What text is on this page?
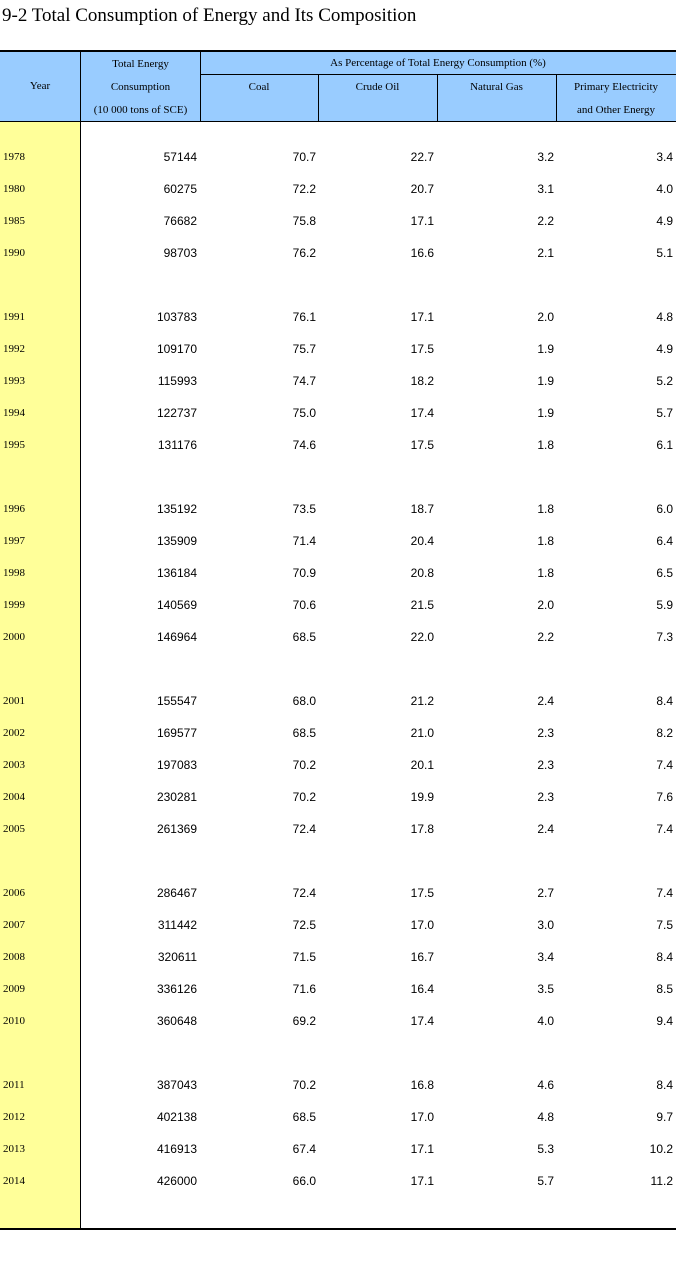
9-2 Total Consumption of Energy and Its Composition
Year
Total Energy
Consumption
(10 000 tons of SCE)
As Percentage of Total Energy Consumption (%)
Coal	Crude Oil	Natural Gas	Primary Electricity
and Other Energy
1978	57144	70.7	22.7	3.2	3.4
1980	60275	72.2	20.7	3.1	4.0
1985	76682	75.8	17.1	2.2	4.9
1990	98703	76.2	16.6	2.1	5.1
1991	103783	76.1	17.1	2.0	4.8
1992	109170	75.7	17.5	1.9	4.9
1993	115993	74.7	18.2	1.9	5.2
1994	122737	75.0	17.4	1.9	5.7
1995	131176	74.6	17.5	1.8	6.1
1996	135192	73.5	18.7	1.8	6.0
1997	135909	71.4	20.4	1.8	6.4
1998	136184	70.9	20.8	1.8	6.5
1999	140569	70.6	21.5	2.0	5.9
2000	146964	68.5	22.0	2.2	7.3
2001	155547	68.0	21.2	2.4	8.4
2002	169577	68.5	21.0	2.3	8.2
2003	197083	70.2	20.1	2.3	7.4
2004	230281	70.2	19.9	2.3	7.6
2005	261369	72.4	17.8	2.4	7.4
2006	286467	72.4	17.5	2.7	7.4
2007	311442	72.5	17.0	3.0	7.5
2008	320611	71.5	16.7	3.4	8.4
2009	336126	71.6	16.4	3.5	8.5
2010	360648	69.2	17.4	4.0	9.4
2011	387043	70.2	16.8	4.6	8.4
2012	402138	68.5	17.0	4.8	9.7
2013	416913	67.4	17.1	5.3	10.2
2014	426000	66.0	17.1	5.7	11.2
